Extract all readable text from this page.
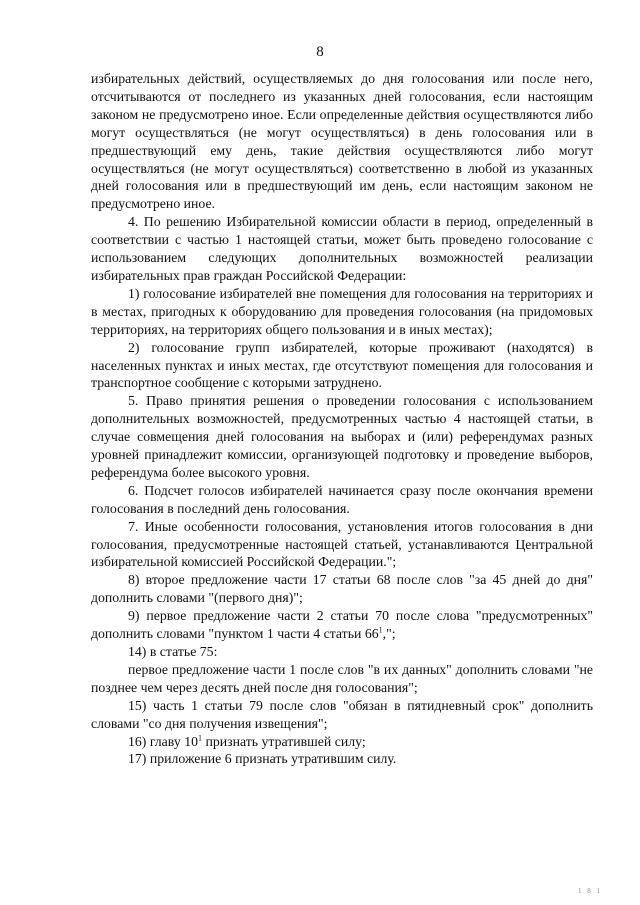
8

избирательных действий, осуществляемых до дня голосования или после него, отсчитываются от последнего из указанных дней голосования, если настоящим законом не предусмотрено иное. Если определенные действия осуществляются либо могут осуществляться (не могут осуществляться) в день голосования или в предшествующий ему день, такие действия осуществляются либо могут осуществляться (не могут осуществляться) соответственно в любой из указанных дней голосования или в предшествующий им день, если настоящим законом не предусмотрено иное.

4. По решению Избирательной комиссии области в период, определенный в соответствии с частью 1 настоящей статьи, может быть проведено голосование с использованием следующих дополнительных возможностей реализации избирательных прав граждан Российской Федерации:

1) голосование избирателей вне помещения для голосования на территориях и в местах, пригодных к оборудованию для проведения голосования (на придомовых территориях, на территориях общего пользования и в иных местах);

2) голосование групп избирателей, которые проживают (находятся) в населенных пунктах и иных местах, где отсутствуют помещения для голосования и транспортное сообщение с которыми затруднено.

5. Право принятия решения о проведении голосования с использованием дополнительных возможностей, предусмотренных частью 4 настоящей статьи, в случае совмещения дней голосования на выборах и (или) референдумах разных уровней принадлежит комиссии, организующей подготовку и проведение выборов, референдума более высокого уровня.

6. Подсчет голосов избирателей начинается сразу после окончания времени голосования в последний день голосования.

7. Иные особенности голосования, установления итогов голосования в дни голосования, предусмотренные настоящей статьей, устанавливаются Центральной избирательной комиссией Российской Федерации.";

8) второе предложение части 17 статьи 68 после слов "за 45 дней до дня" дополнить словами "(первого дня)";

9) первое предложение части 2 статьи 70 после слова "предусмотренных" дополнить словами "пунктом 1 части 4 статьи $66^1$,";

14) в статье 75:

первое предложение части 1 после слов "в их данных" дополнить словами "не позднее чем через десять дней после дня голосования";

15) часть 1 статьи 79 после слов "обязан в пятидневный срок" дополнить словами "со дня получения извещения";

16) главу $10^1$ признать утратившей силу;

17) приложение 6 признать утратившим силу.

1 8 1
